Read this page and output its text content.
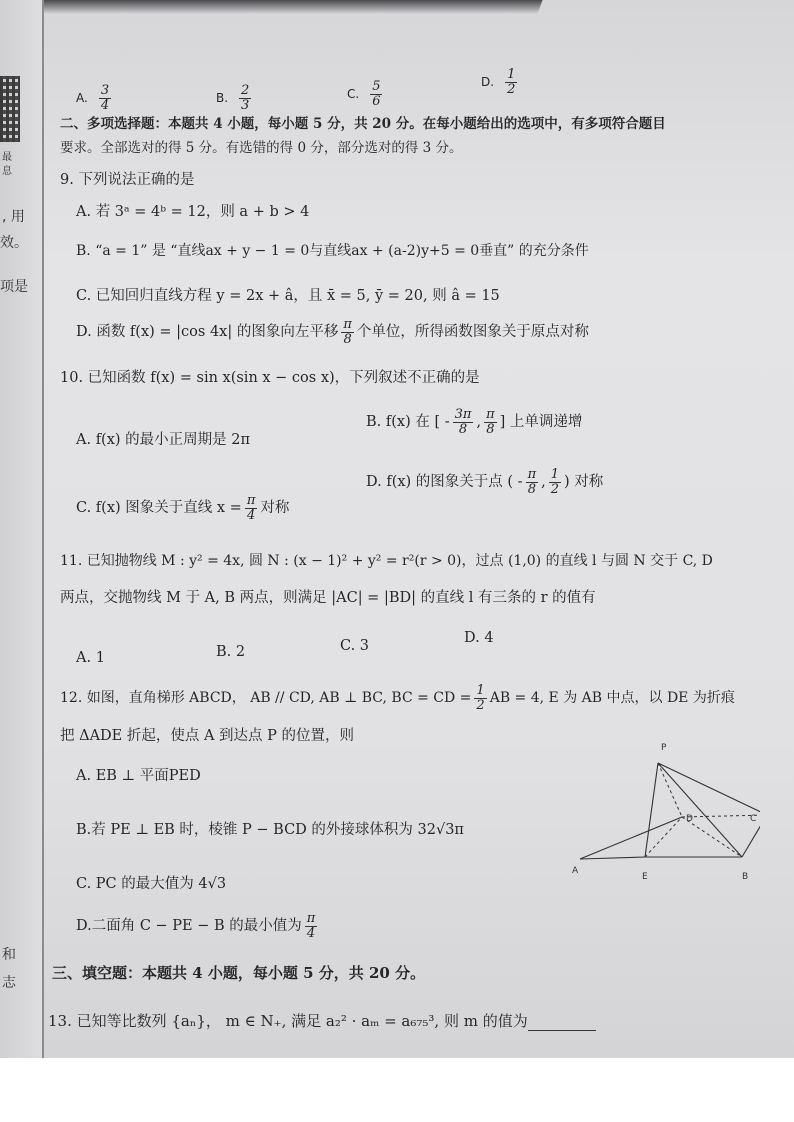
最
息
, 用
效。
项是
和
志
A. $\frac{3}{4}$	B. $\frac{2}{3}$	C. $\frac{5}{6}$	D. $\frac{1}{2}$
二、多项选择题：本题共 4 小题，每小题 5 分，共 20 分。在每小题给出的选项中，有多项符合题目
要求。全部选对的得 5 分。有选错的得 0 分，部分选对的得 3 分。
9. 下列说法正确的是
A. 若 3ᵃ = 4ᵇ = 12，则 a + b > 4
B. “a = 1” 是 “直线ax + y − 1 = 0与直线ax + (a-2)y+5 = 0垂直” 的充分条件
C. 已知回归直线方程 y = 2x + â，且 x̄ = 5, ȳ = 20, 则 â = 15
D. 函数 f(x) = |cos 4x| 的图象向左平移 $\frac{\pi}{8}$ 个单位，所得函数图象关于原点对称
10. 已知函数 f(x) = sin x(sin x − cos x)，下列叙述不正确的是
A. f(x) 的最小正周期是 2π
B. f(x) 在 [ - $\frac{3\pi}{8}$ , $\frac{\pi}{8}$ ] 上单调递增
C. f(x) 图象关于直线 $x = \frac{\pi}{4}$ 对称
D. f(x) 的图象关于点 ( - $\frac{\pi}{8}$ , $\frac{1}{2}$ ) 对称
11. 已知抛物线 M : y² = 4x, 圆 N : (x − 1)² + y² = r²(r > 0)，过点 (1,0) 的直线 l 与圆 N 交于 C, D
两点，交抛物线 M 于 A, B 两点，则满足 |AC| = |BD| 的直线 l 有三条的 r 的值有
A. 1	B. 2	C. 3	D. 4
12. 如图，直角梯形 ABCD， AB // CD, AB ⊥ BC, BC = CD = $\frac{1}{2}$ AB = 4, E 为 AB 中点，以 DE 为折痕
把 ΔADE 折起，使点 A 到达点 P 的位置，则
A. EB ⊥ 平面PED
B.若 PE ⊥ EB 时，棱锥 P − BCD 的外接球体积为 32√3π
C. PC 的最大值为 4√3
D.二面角 C − PE − B 的最小值为 $\frac{\pi}{4}$
三、填空题：本题共 4 小题，每小题 5 分，共 20 分。
13. 已知等比数列 {aₙ}， m ∈ N₊, 满足 a₂² · aₘ = a₆₇₅³, 则 m 的值为
P
D	C
A
E	B
